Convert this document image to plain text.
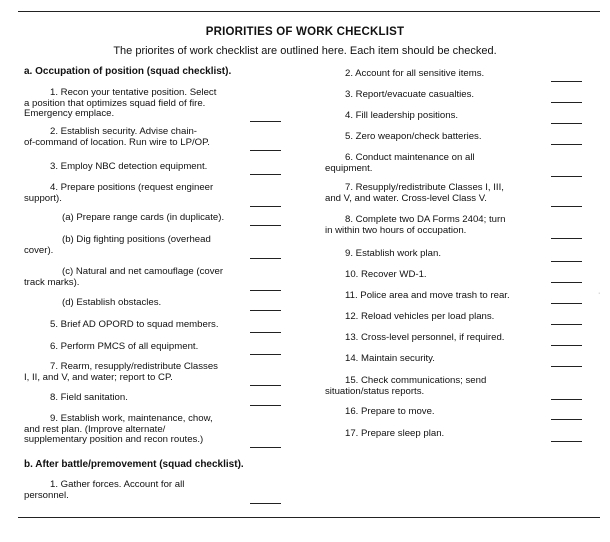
PRIORITIES OF WORK CHECKLIST
The priorites of work checklist are outlined here. Each item should be checked.
·
a. Occupation of position (squad checklist).
1. Recon your tentative position. Select
a position that optimizes squad field of fire.
Emergency emplace.
2. Establish security. Advise chain-
of-command of location. Run wire to LP/OP.
3. Employ NBC detection equipment.
4. Prepare positions (request engineer
support).
(a) Prepare range cards (in duplicate).
(b) Dig fighting positions (overhead
cover).
(c) Natural and net camouflage (cover
track marks).
(d) Establish obstacles.
5. Brief AD OPORD to squad members.
6. Perform PMCS of all equipment.
7. Rearm, resupply/redistribute Classes
I, II, and V, and water; report to CP.
8. Field sanitation.
9. Establish work, maintenance, chow,
and rest plan. (Improve alternate/
supplementary position and recon routes.)
b. After battle/premovement (squad checklist).
1. Gather forces. Account for all
personnel.
2. Account for all sensitive items.
3. Report/evacuate casualties.
4. Fill leadership positions.
5. Zero weapon/check batteries.
6. Conduct maintenance on all
equipment.
7. Resupply/redistribute Classes I, III,
and V, and water. Cross-level Class V.
8. Complete two DA Forms 2404; turn
in within two hours of occupation.
9. Establish work plan.
10. Recover WD-1.
11. Police area and move trash to rear.
12. Reload vehicles per load plans.
13. Cross-level personnel, if required.
14. Maintain security.
15. Check communications; send
situation/status reports.
16. Prepare to move.
17. Prepare sleep plan.
